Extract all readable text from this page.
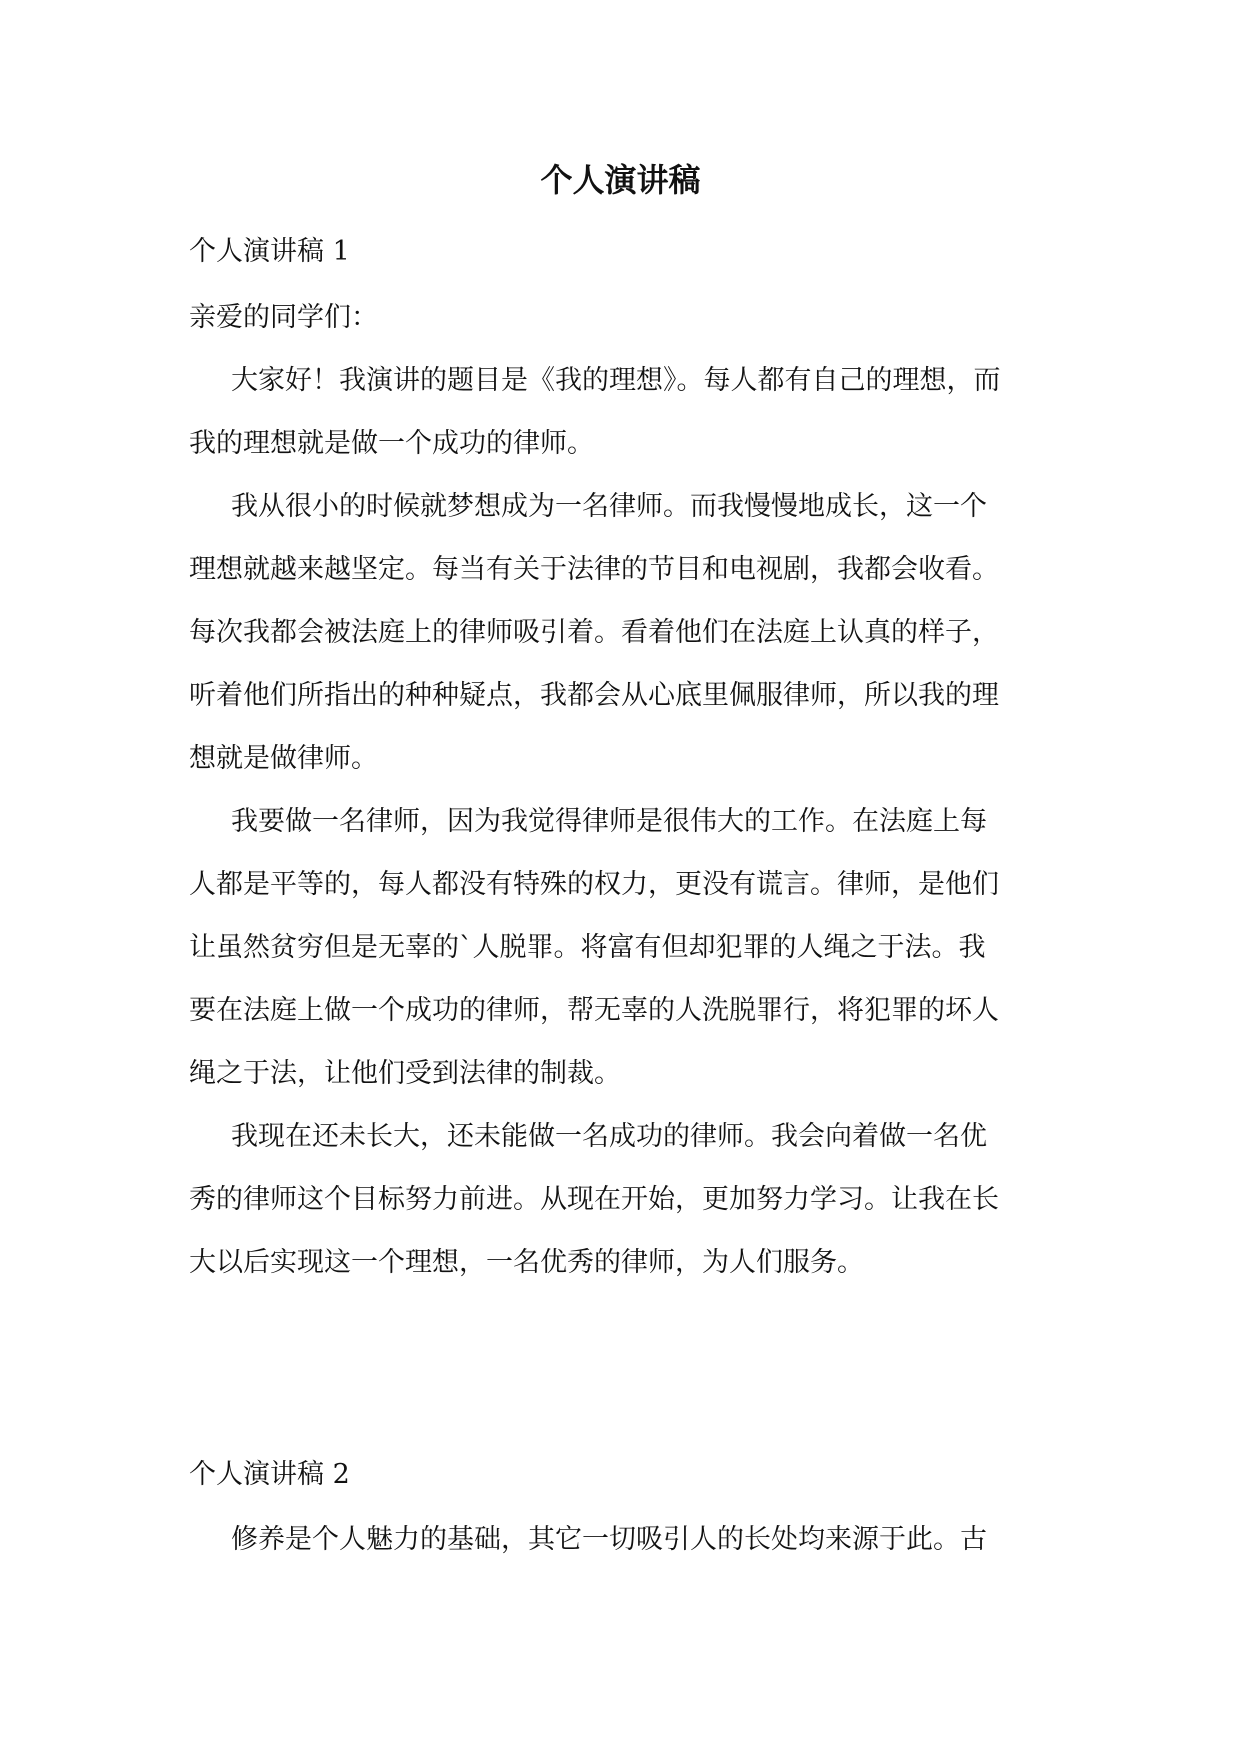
个人演讲稿

个人演讲稿 1

亲爱的同学们：

大家好！我演讲的题目是《我的理想》。每人都有自己的理想，而

我的理想就是做一个成功的律师。

我从很小的时候就梦想成为一名律师。而我慢慢地成长，这一个

理想就越来越坚定。每当有关于法律的节目和电视剧，我都会收看。

每次我都会被法庭上的律师吸引着。看着他们在法庭上认真的样子，

听着他们所指出的种种疑点，我都会从心底里佩服律师，所以我的理

想就是做律师。

我要做一名律师，因为我觉得律师是很伟大的工作。在法庭上每

人都是平等的，每人都没有特殊的权力，更没有谎言。律师，是他们

让虽然贫穷但是无辜的`人脱罪。将富有但却犯罪的人绳之于法。我

要在法庭上做一个成功的律师，帮无辜的人洗脱罪行，将犯罪的坏人

绳之于法，让他们受到法律的制裁。

我现在还未长大，还未能做一名成功的律师。我会向着做一名优

秀的律师这个目标努力前进。从现在开始，更加努力学习。让我在长

大以后实现这一个理想，一名优秀的律师，为人们服务。

个人演讲稿 2

修养是个人魅力的基础，其它一切吸引人的长处均来源于此。古
